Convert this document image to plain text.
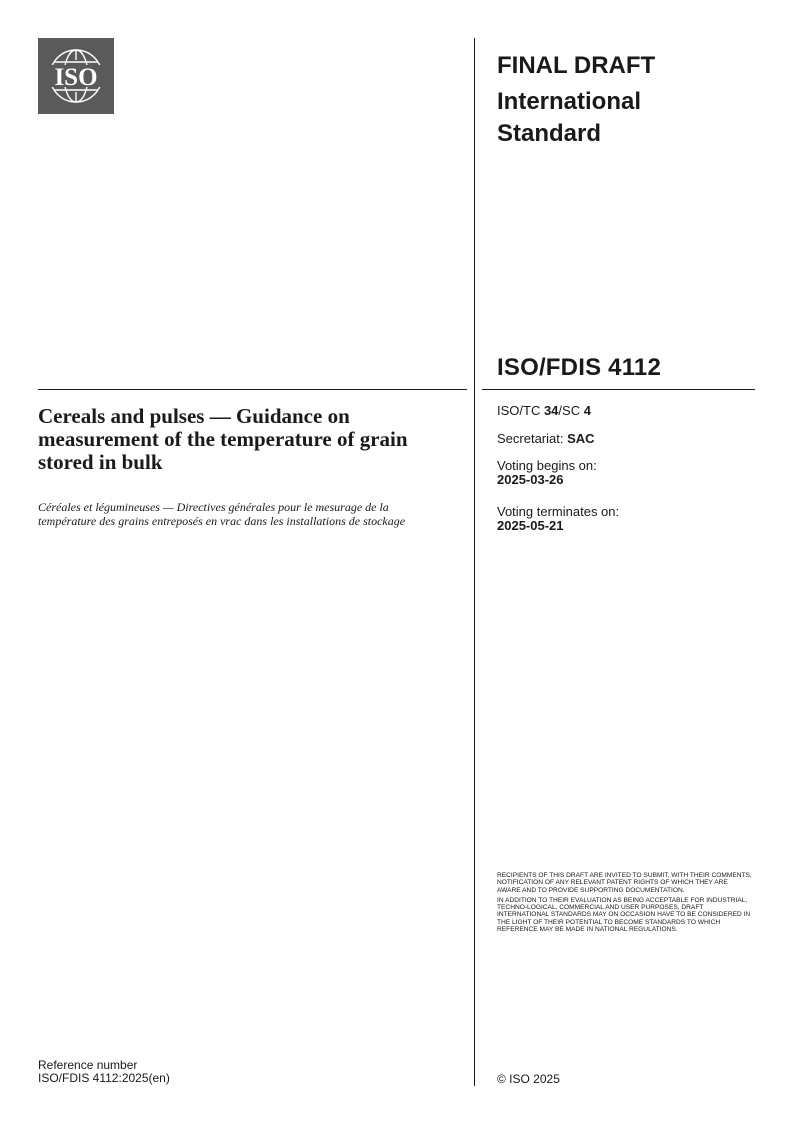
ISO	FINAL DRAFT
International Standard
ISO/FDIS 4112
Cereals and pulses — Guidance on measurement of the temperature of grain stored in bulk
Céréales et légumineuses — Directives générales pour le mesurage de la température des grains entreposés en vrac dans les installations de stockage
ISO/TC 34/SC 4
Secretariat: SAC
Voting begins on:
2025-03-26
Voting terminates on:
2025-05-21

RECIPIENTS OF THIS DRAFT ARE INVITED TO SUBMIT, WITH THEIR COMMENTS, NOTIFICATION OF ANY RELEVANT PATENT RIGHTS OF WHICH THEY ARE AWARE AND TO PROVIDE SUPPORTING DOCUMENTATION.

IN ADDITION TO THEIR EVALUATION AS BEING ACCEPTABLE FOR INDUSTRIAL, TECHNO-LOGICAL, COMMERCIAL AND USER PURPOSES, DRAFT INTERNATIONAL STANDARDS MAY ON OCCASION HAVE TO BE CONSIDERED IN THE LIGHT OF THEIR POTENTIAL TO BECOME STANDARDS TO WHICH REFERENCE MAY BE MADE IN NATIONAL REGULATIONS.

Reference number
ISO/FDIS 4112:2025(en)	© ISO 2025
